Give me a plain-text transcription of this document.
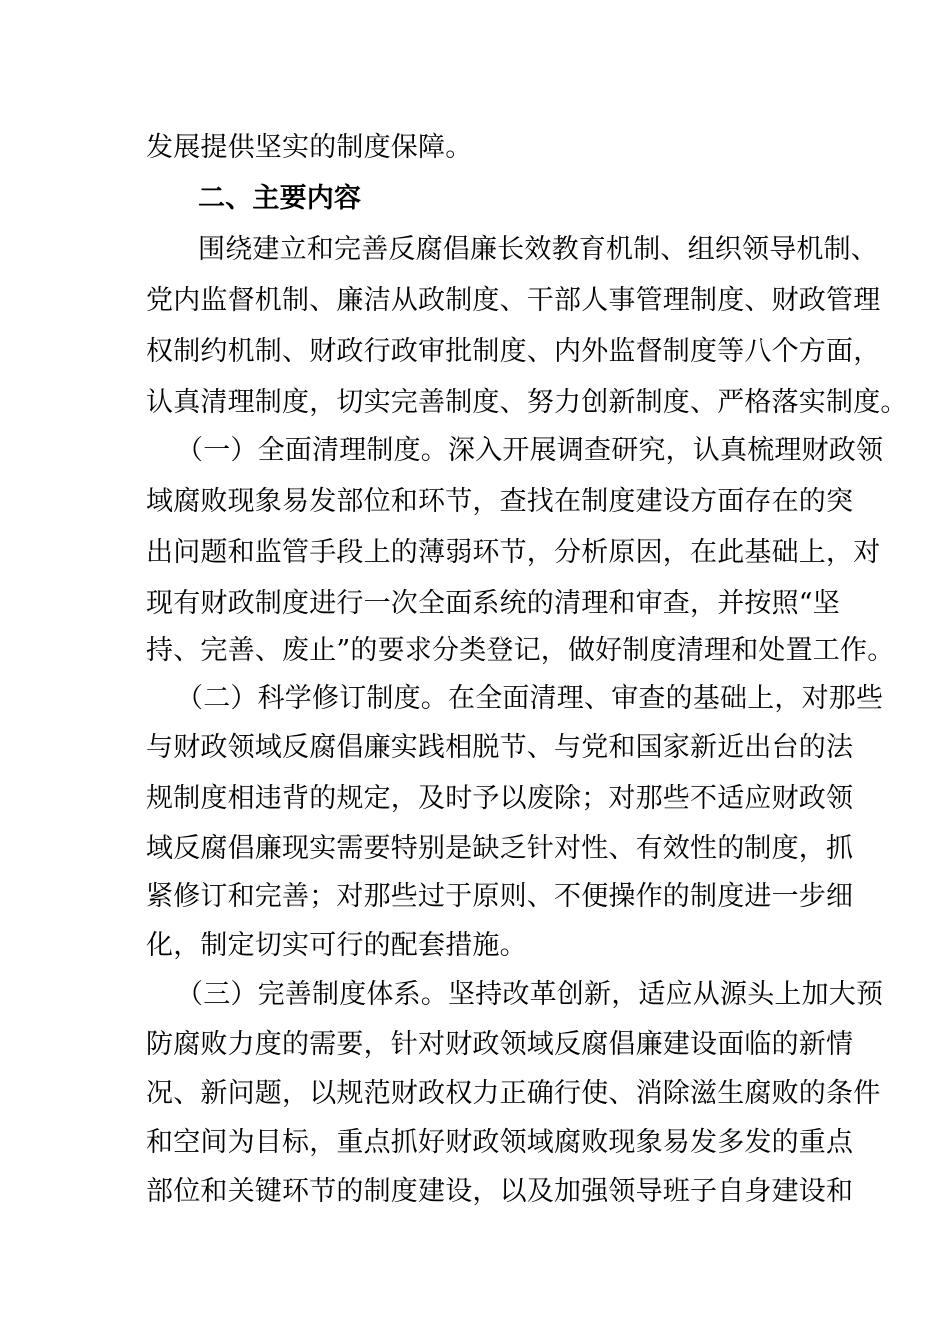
发展提供坚实的制度保障。
二、主要内容
围绕建立和完善反腐倡廉长效教育机制、组织领导机制、
党内监督机制、廉洁从政制度、干部人事管理制度、财政管理
权制约机制、财政行政审批制度、内外监督制度等八个方面，
认真清理制度，切实完善制度、努力创新制度、严格落实制度。
（一）全面清理制度。深入开展调查研究，认真梳理财政领
域腐败现象易发部位和环节，查找在制度建设方面存在的突
出问题和监管手段上的薄弱环节，分析原因，在此基础上，对
现有财政制度进行一次全面系统的清理和审查，并按照“坚
持、完善、废止”的要求分类登记，做好制度清理和处置工作。
（二）科学修订制度。在全面清理、审查的基础上，对那些
与财政领域反腐倡廉实践相脱节、与党和国家新近出台的法
规制度相违背的规定，及时予以废除；对那些不适应财政领
域反腐倡廉现实需要特别是缺乏针对性、有效性的制度，抓
紧修订和完善；对那些过于原则、不便操作的制度进一步细
化，制定切实可行的配套措施。
（三）完善制度体系。坚持改革创新，适应从源头上加大预
防腐败力度的需要，针对财政领域反腐倡廉建设面临的新情
况、新问题，以规范财政权力正确行使、消除滋生腐败的条件
和空间为目标，重点抓好财政领域腐败现象易发多发的重点
部位和关键环节的制度建设，以及加强领导班子自身建设和
